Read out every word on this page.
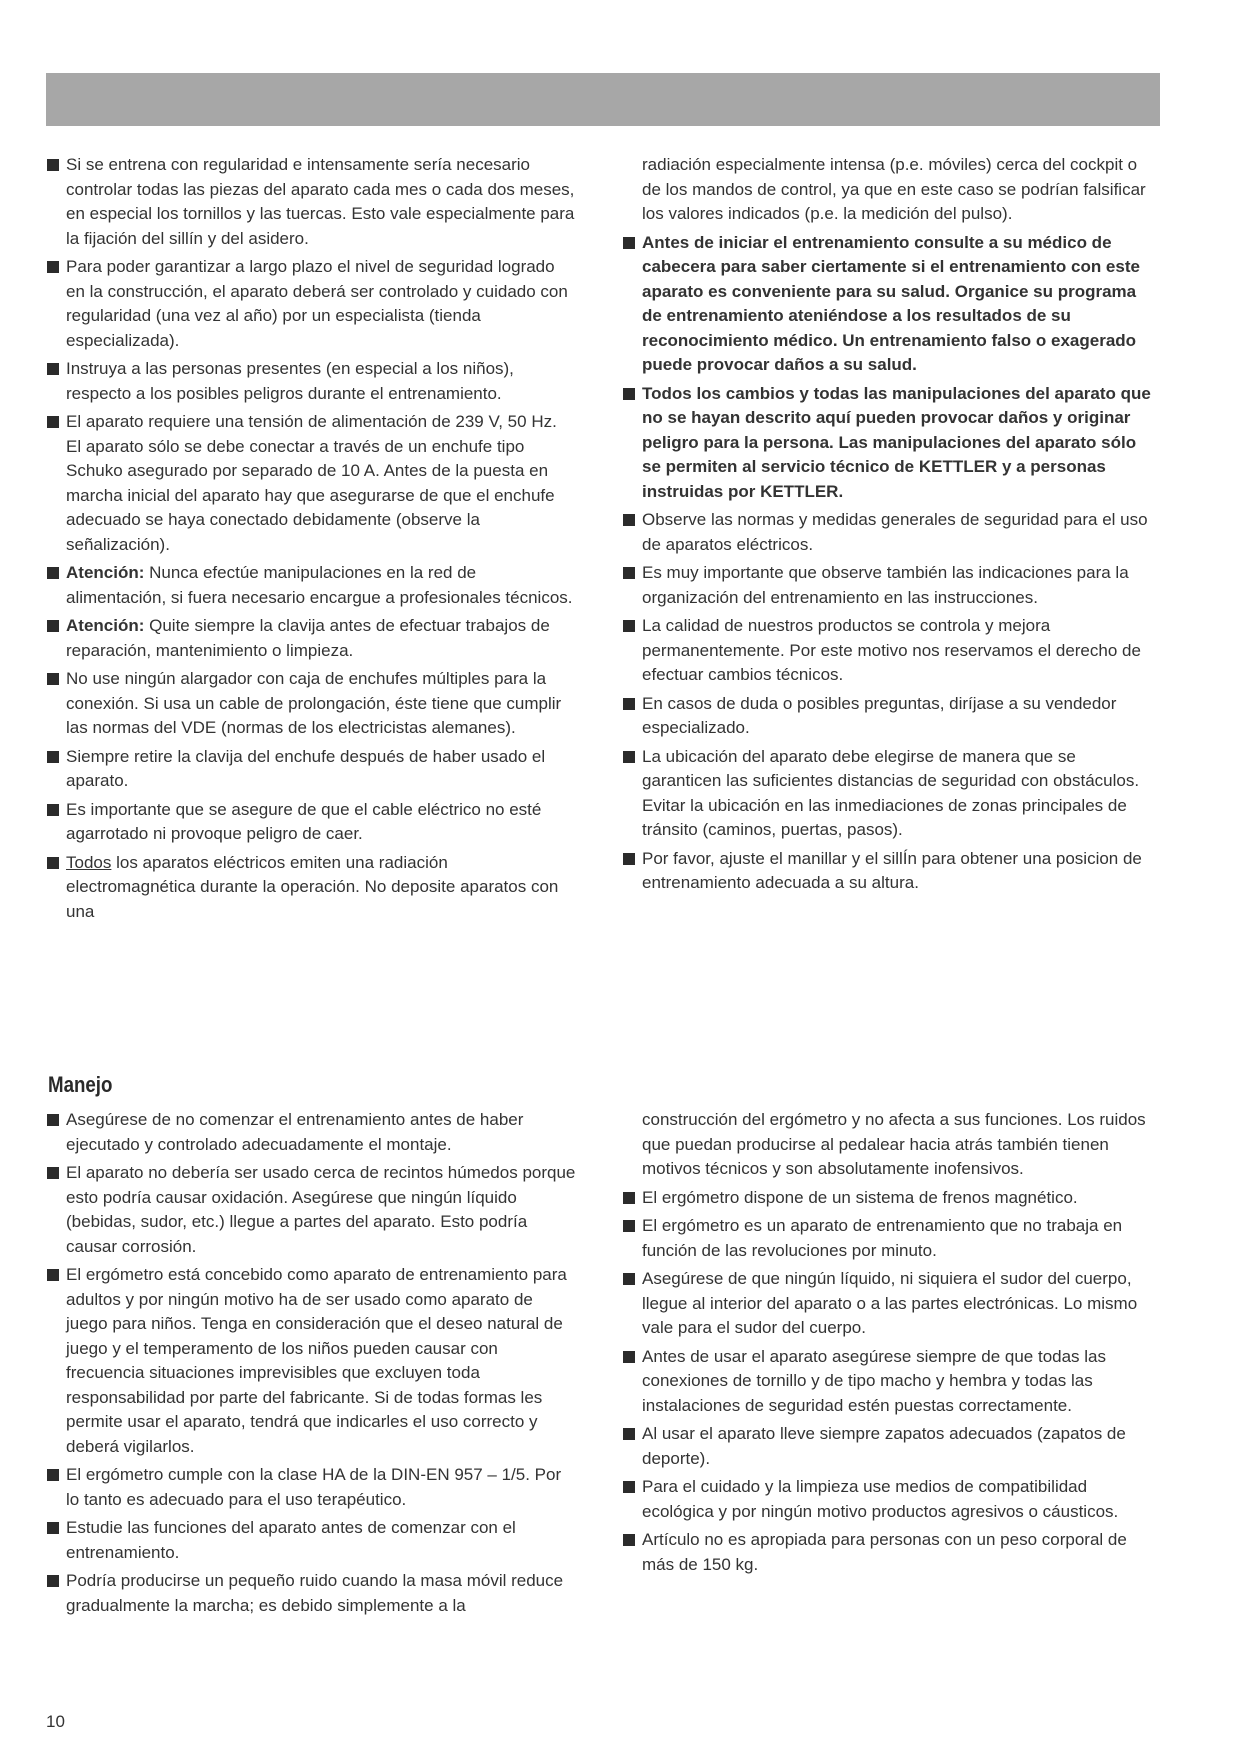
Si se entrena con regularidad e intensamente sería necesario controlar todas las piezas del aparato cada mes o cada dos meses, en especial los tornillos y las tuercas. Esto vale especialmente para la fijación del sillín y del asidero.
Para poder garantizar a largo plazo el nivel de seguridad logrado en la construcción, el aparato deberá ser controlado y cuidado con regularidad (una vez al año) por un especialista (tienda especializada).
Instruya a las personas presentes (en especial a los niños), respecto a los posibles peligros durante el entrenamiento.
El aparato requiere una tensión de alimentación de 239 V, 50 Hz. El aparato sólo se debe conectar a través de un enchufe tipo Schuko asegurado por separado de 10 A. Antes de la puesta en marcha inicial del aparato hay que asegurarse de que el enchufe adecuado se haya conectado debidamente (observe la señalización).
Atención: Nunca efectúe manipulaciones en la red de alimentación, si fuera necesario encargue a profesionales técnicos.
Atención: Quite siempre la clavija antes de efectuar trabajos de reparación, mantenimiento o limpieza.
No use ningún alargador con caja de enchufes múltiples para la conexión. Si usa un cable de prolongación, éste tiene que cumplir las normas del VDE (normas de los electricistas alemanes).
Siempre retire la clavija del enchufe después de haber usado el aparato.
Es importante que se asegure de que el cable eléctrico no esté agarrotado ni provoque peligro de caer.
Todos los aparatos eléctricos emiten una radiación electromagnética durante la operación. No deposite aparatos con una
radiación especialmente intensa (p.e. móviles) cerca del cockpit o de los mandos de control, ya que en este caso se podrían falsificar los valores indicados (p.e. la medición del pulso).
Antes de iniciar el entrenamiento consulte a su médico de cabecera para saber ciertamente si el entrenamiento con este aparato es conveniente para su salud. Organice su programa de entrenamiento ateniéndose a los resultados de su reconocimiento médico. Un entrenamiento falso o exagerado puede provocar daños a su salud.
Todos los cambios y todas las manipulaciones del aparato que no se hayan descrito aquí pueden provocar daños y originar peligro para la persona. Las manipulaciones del aparato sólo se permiten al servicio técnico de KETTLER y a personas instruidas por KETTLER.
Observe las normas y medidas generales de seguridad para el uso de aparatos eléctricos.
Es muy importante que observe también las indicaciones para la organización del entrenamiento en las instrucciones.
La calidad de nuestros productos se controla y mejora permanentemente. Por este motivo nos reservamos el derecho de efectuar cambios técnicos.
En casos de duda o posibles preguntas, diríjase a su vendedor especializado.
La ubicación del aparato debe elegirse de manera que se garanticen las suficientes distancias de seguridad con obstáculos. Evitar la ubicación en las inmediaciones de zonas principales de tránsito (caminos, puertas, pasos).
Por favor, ajuste el manillar y el sillÍn para obtener una posicion de entrenamiento adecuada a su altura.
Manejo
Asegúrese de no comenzar el entrenamiento antes de haber ejecutado y controlado adecuadamente el montaje.
El aparato no debería ser usado cerca de recintos húmedos porque esto podría causar oxidación. Asegúrese que ningún líquido (bebidas, sudor, etc.) llegue a partes del aparato. Esto podría causar corrosión.
El ergómetro está concebido como aparato de entrenamiento para adultos y por ningún motivo ha de ser usado como aparato de juego para niños. Tenga en consideración que el deseo natural de juego y el temperamento de los niños pueden causar con frecuencia situaciones imprevisibles que excluyen toda responsabilidad por parte del fabricante. Si de todas formas les permite usar el aparato, tendrá que indicarles el uso correcto y deberá vigilarlos.
El ergómetro cumple con la clase HA de la DIN-EN 957 – 1/5. Por lo tanto es adecuado para el uso terapéutico.
Estudie las funciones del aparato antes de comenzar con el entrenamiento.
Podría producirse un pequeño ruido cuando la masa móvil reduce gradualmente la marcha; es debido simplemente a la
construcción del ergómetro y no afecta a sus funciones. Los ruidos que puedan producirse al pedalear hacia atrás también tienen motivos técnicos y son absolutamente inofensivos.
El ergómetro dispone de un sistema de frenos magnético.
El ergómetro es un aparato de entrenamiento que no trabaja en función de las revoluciones por minuto.
Asegúrese de que ningún líquido, ni siquiera el sudor del cuerpo, llegue al interior del aparato o a las partes electrónicas. Lo mismo vale para el sudor del cuerpo.
Antes de usar el aparato asegúrese siempre de que todas las conexiones de tornillo y de tipo macho y hembra y todas las instalaciones de seguridad estén puestas correctamente.
Al usar el aparato lleve siempre zapatos adecuados (zapatos de deporte).
Para el cuidado y la limpieza use medios de compatibilidad ecológica y por ningún motivo productos agresivos o cáusticos.
Artículo no es apropiada para personas con un peso corporal de más de 150 kg.
10
